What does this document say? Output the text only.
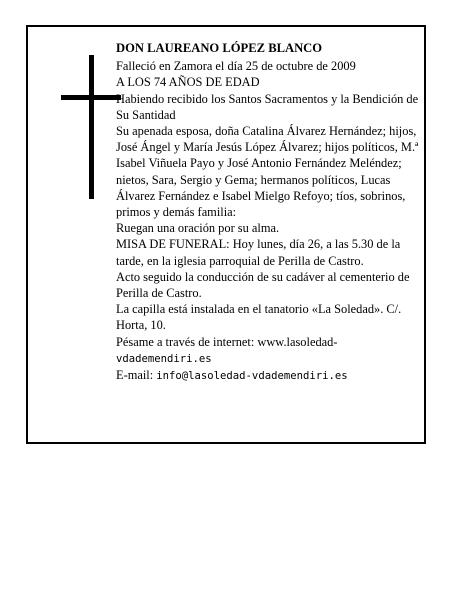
DON LAUREANO LÓPEZ BLANCO

Falleció en Zamora el día 25 de octubre de 2009

A LOS 74 AÑOS DE EDAD

Habiendo recibido los Santos Sacramentos y la Bendición de Su Santidad

Su apenada esposa, doña Catalina Álvarez Hernández; hijos, José Ángel y María Jesús López Álvarez; hijos políticos, M.ª Isabel Viñuela Payo y José Antonio Fernández Meléndez; nietos, Sara, Sergio y Gema; hermanos políticos, Lucas Álvarez Fernández e Isabel Mielgo Refoyo; tíos, sobrinos, primos y demás familia:

Ruegan una oración por su alma.

MISA DE FUNERAL: Hoy lunes, día 26, a las 5.30 de la tarde, en la iglesia parroquial de Perilla de Castro.

Acto seguido la conducción de su cadáver al cementerio de Perilla de Castro.

La capilla está instalada en el tanatorio «La Soledad». C/. Horta, 10.

Pésame a través de internet: www.lasoledad-
vdademendiri.es

E-mail: info@lasoledad-vdademendiri.es
